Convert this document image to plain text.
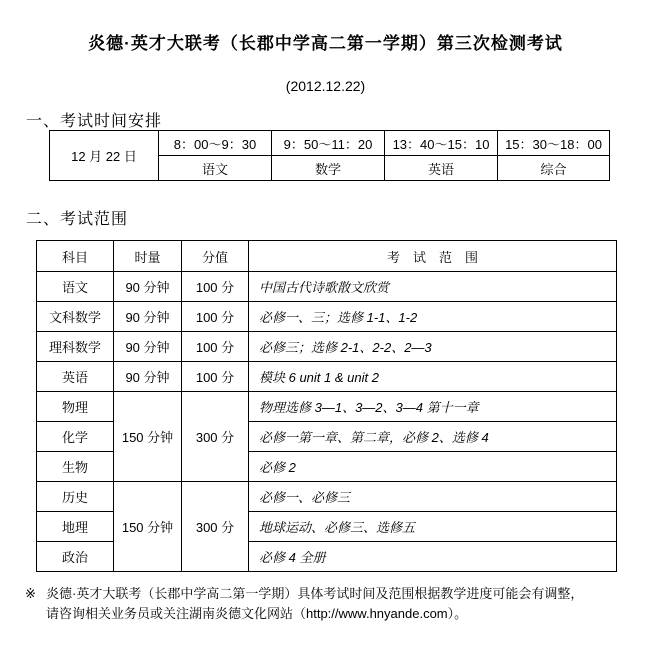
炎德·英才大联考（长郡中学高二第一学期）第三次检测考试
(2012.12.22)
一、考试时间安排
12 月 22 日	8：00～9：30	9：50～11：20	13：40～15：10	15：30～18：00
	语文	数学	英语	综合
二、考试范围
科目	时量	分值	考　试　范　围
语文	90 分钟	100 分	中国古代诗歌散文欣赏
文科数学	90 分钟	100 分	必修一、三；选修 1-1、1-2
理科数学	90 分钟	100 分	必修三；选修 2-1、2-2、2—3
英语	90 分钟	100 分	模块 6 unit 1 & unit 2
物理	150 分钟	300 分	物理选修 3—1、3—2、3—4 第十一章
化学			必修一第一章、第二章，必修 2、选修 4
生物			必修 2
历史	150 分钟	300 分	必修一、必修三
地理			地球运动、必修三、选修五
政治			必修 4 全册
※ 炎德·英才大联考（长郡中学高二第一学期）具体考试时间及范围根据教学进度可能会有调整，
请咨询相关业务员或关注湖南炎德文化网站（http://www.hnyande.com）。
